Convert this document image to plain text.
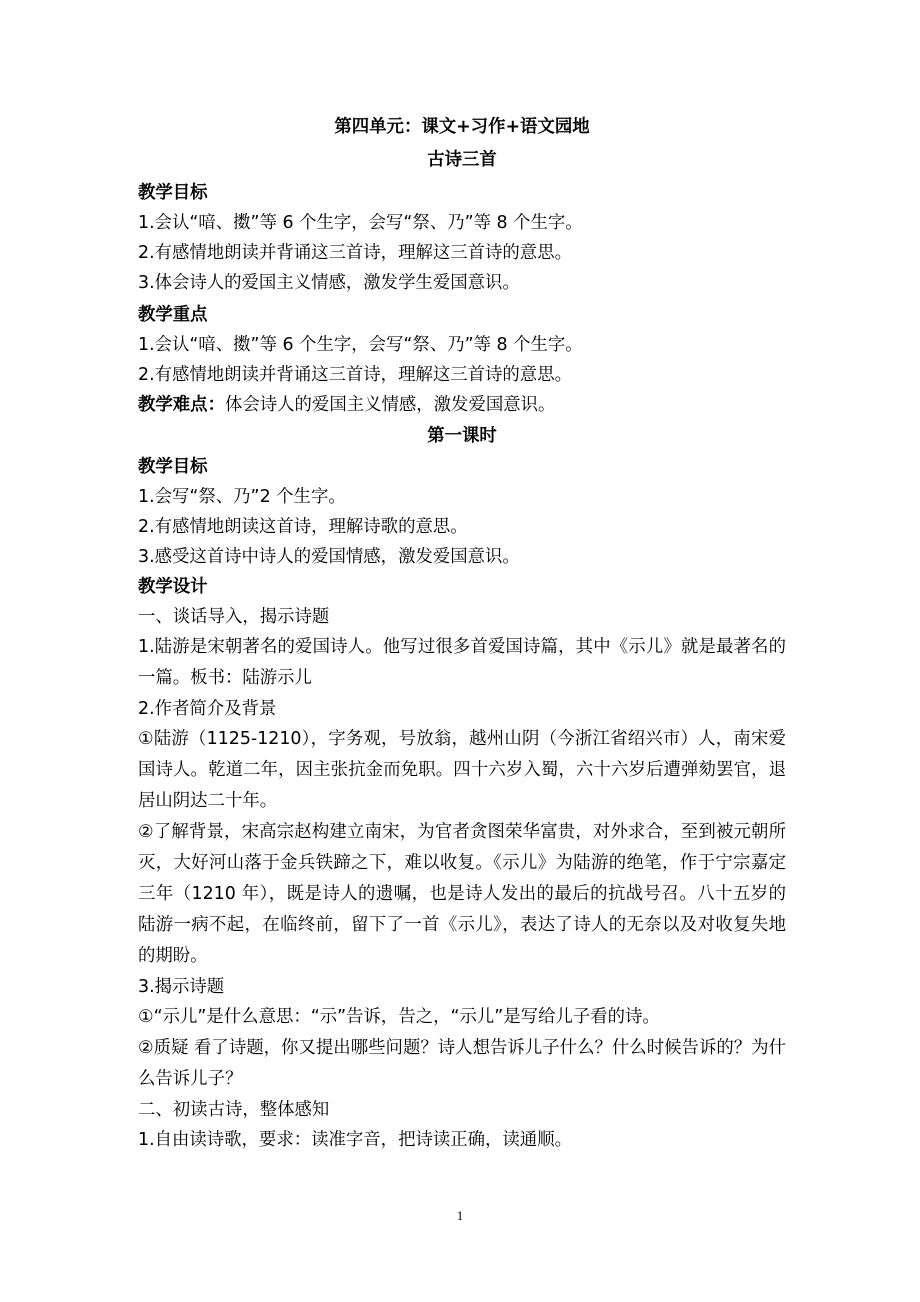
第四单元：课文+习作+语文园地

古诗三首

教学目标

1.会认“喑、擞”等 6 个生字，会写“祭、乃”等 8 个生字。

2.有感情地朗读并背诵这三首诗，理解这三首诗的意思。

3.体会诗人的爱国主义情感，激发学生爱国意识。

教学重点

1.会认“喑、擞”等 6 个生字，会写“祭、乃”等 8 个生字。

2.有感情地朗读并背诵这三首诗，理解这三首诗的意思。

教学难点：体会诗人的爱国主义情感，激发爱国意识。

第一课时

教学目标

1.会写“祭、乃”2 个生字。

2.有感情地朗读这首诗，理解诗歌的意思。

3.感受这首诗中诗人的爱国情感，激发爱国意识。

教学设计

一、谈话导入，揭示诗题

1.陆游是宋朝著名的爱国诗人。他写过很多首爱国诗篇，其中《示儿》就是最著名的一篇。板书：陆游示儿

2.作者简介及背景

①陆游（1125-1210），字务观，号放翁，越州山阴（今浙江省绍兴市）人，南宋爱国诗人。乾道二年，因主张抗金而免职。四十六岁入蜀，六十六岁后遭弹劾罢官，退居山阴达二十年。

②了解背景，宋高宗赵构建立南宋，为官者贪图荣华富贵，对外求合，至到被元朝所灭，大好河山落于金兵铁蹄之下，难以收复。《示儿》为陆游的绝笔，作于宁宗嘉定三年（1210 年），既是诗人的遗嘱，也是诗人发出的最后的抗战号召。八十五岁的陆游一病不起，在临终前，留下了一首《示儿》，表达了诗人的无奈以及对收复失地的期盼。

3.揭示诗题

①“示儿”是什么意思：“示”告诉，告之，“示儿”是写给儿子看的诗。

②质疑 看了诗题，你又提出哪些问题？诗人想告诉儿子什么？什么时候告诉的？为什么告诉儿子？

二、初读古诗，整体感知

1.自由读诗歌，要求：读准字音，把诗读正确，读通顺。

1
